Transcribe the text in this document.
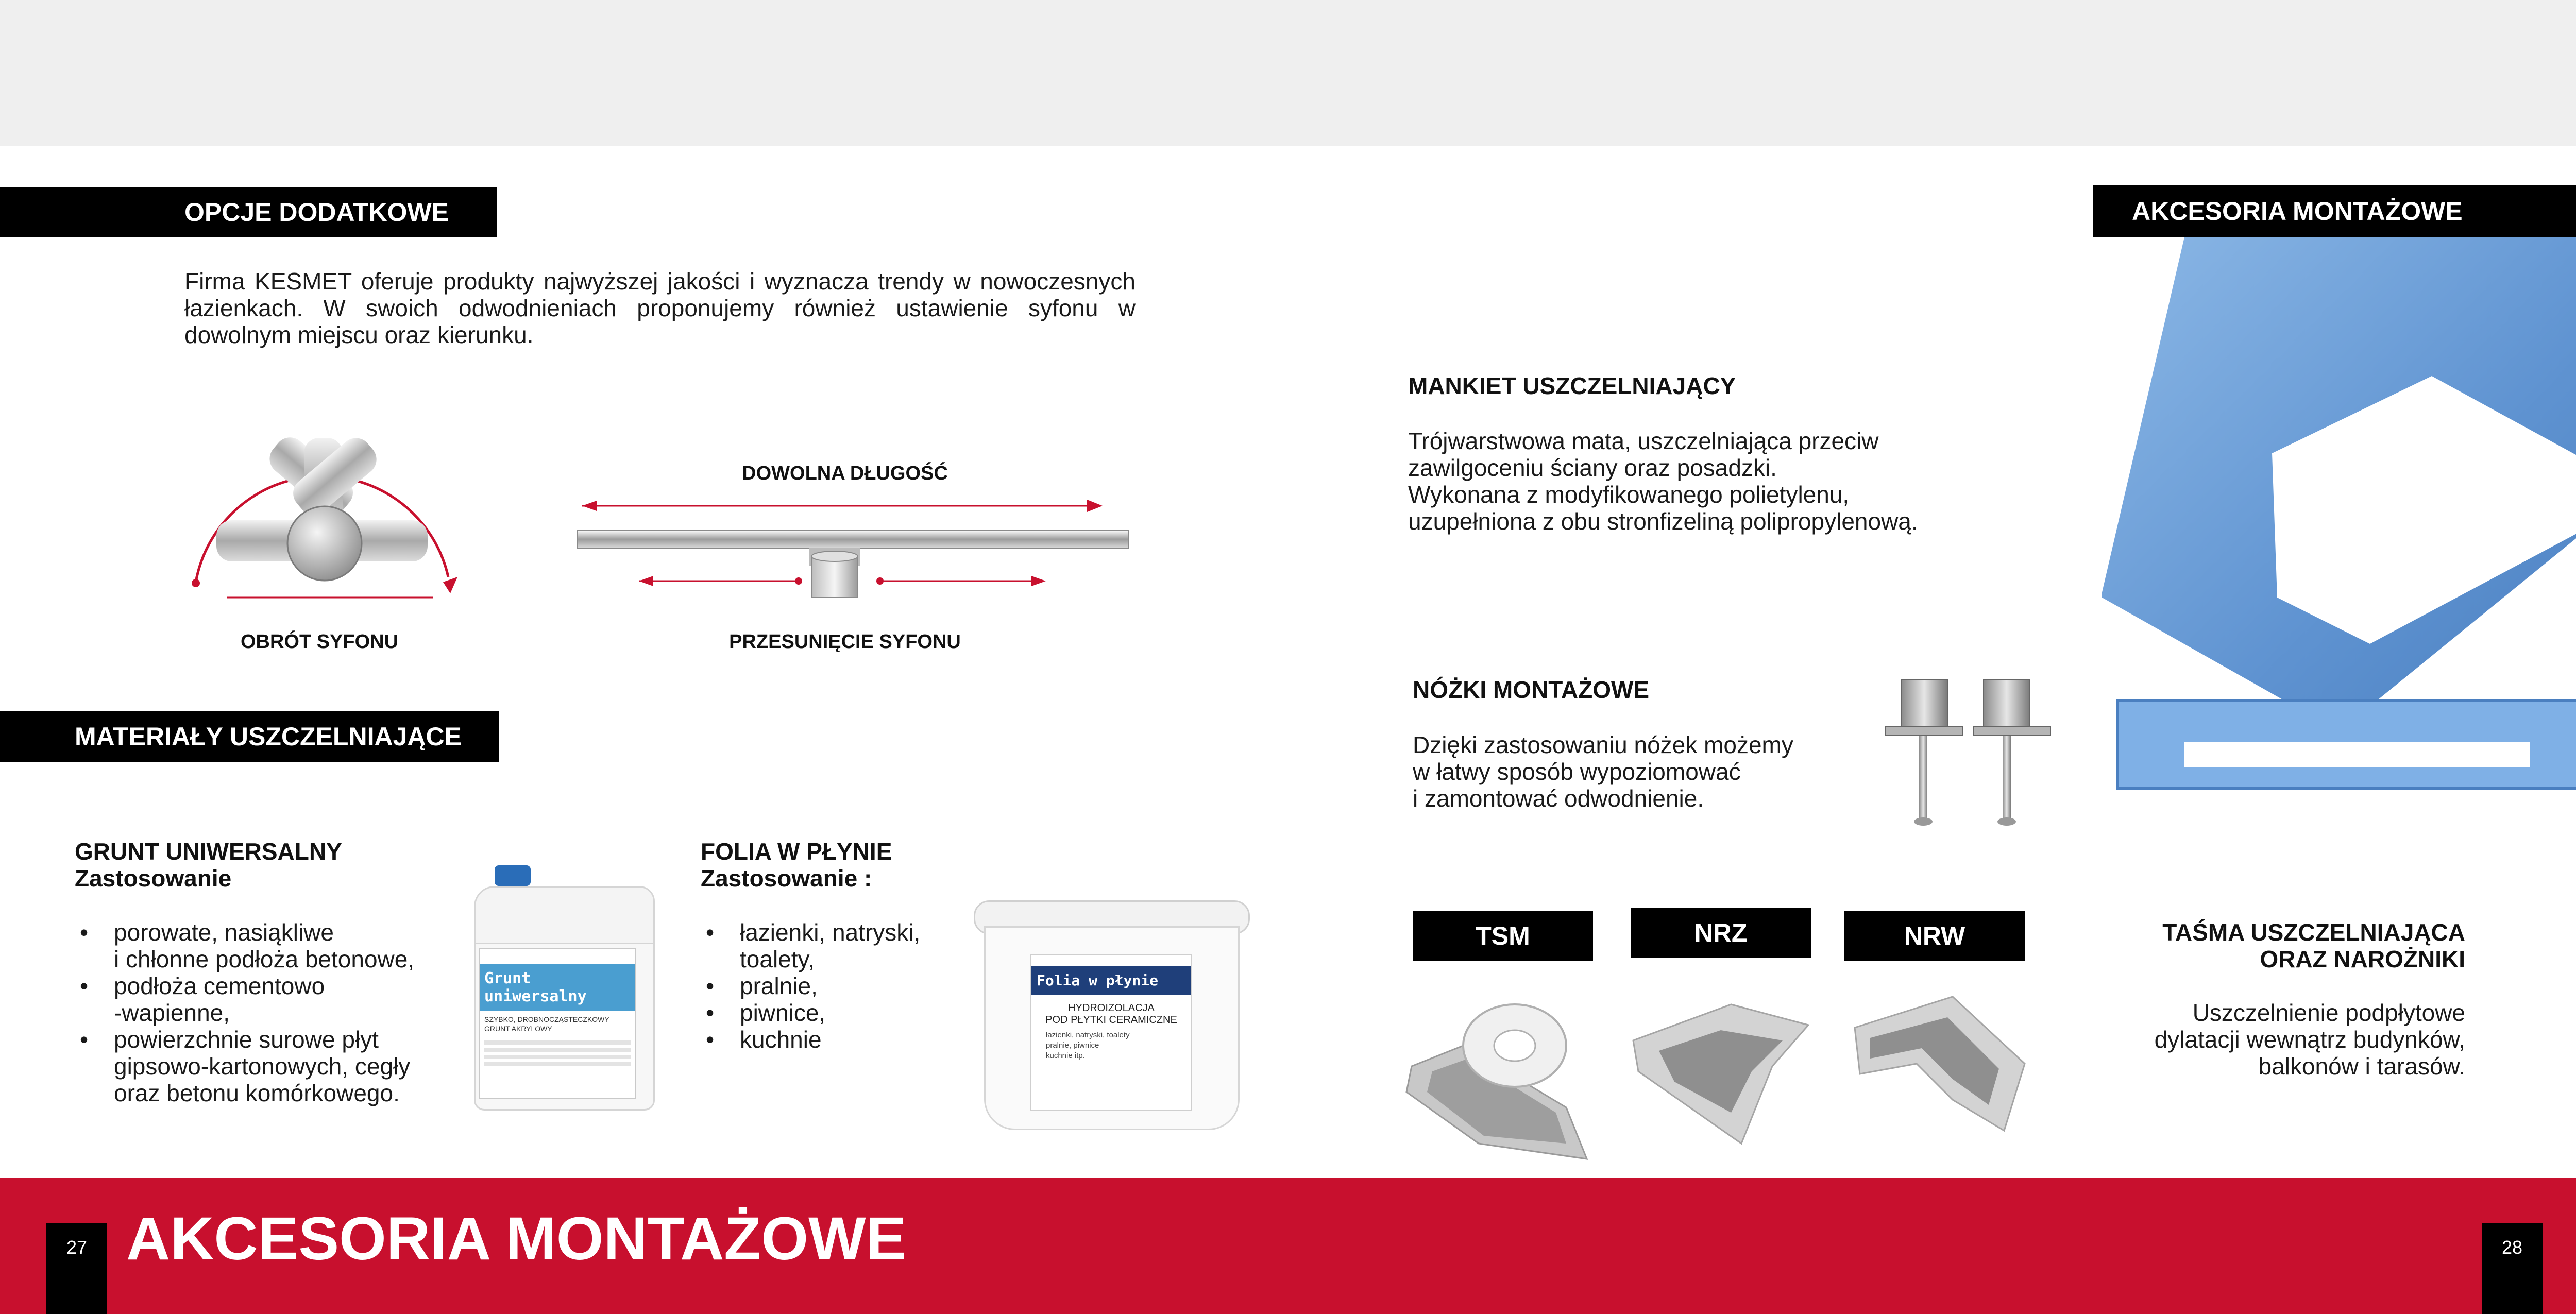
OPCJE DODATKOWE
Firma KESMET oferuje produkty najwyższej jakości i wyznacza trendy w nowoczesnych łazienkach. W swoich odwodnieniach proponujemy również ustawienie syfonu w dowolnym miejscu oraz kierunku.
OBRÓT SYFONU
DOWOLNA DŁUGOŚĆ
PRZESUNIĘCIE SYFONU
MATERIAŁY USZCZELNIAJĄCE
GRUNT UNIWERSALNY
Zastosowanie
• porowate, nasiąkliwe
i chłonne podłoża betonowe,
• podłoża cementowo
-wapienne,
• powierzchnie surowe płyt
gipsowo-kartonowych, cegły
oraz betonu komórkowego.
Grunt uniwersalny
SZYBKO, DROBNOCZĄSTECZKOWY GRUNT AKRYLOWY
FOLIA W PŁYNIE
Zastosowanie :
• łazienki, natryski,
toalety,
• pralnie,
• piwnice,
• kuchnie
Folia w płynie
HYDROIZOLACJA
POD PŁYTKI CERAMICZNE
łazienki, natryski, toalety
pralnie, piwnice
kuchnie itp.
AKCESORIA MONTAŻOWE
MANKIET USZCZELNIAJĄCY
Trójwarstwowa mata, uszczelniająca przeciw
zawilgoceniu ściany oraz posadzki.
Wykonana z modyfikowanego polietylenu,
uzupełniona z obu stronfizeliną polipropylenową.
NÓŻKI MONTAŻOWE
Dzięki zastosowaniu nóżek możemy
w łatwy sposób wypoziomować
i zamontować odwodnienie.
TSM	NRZ	NRW	TAŚMA USZCZELNIAJĄCA
ORAZ NAROŻNIKI
Uszczelnienie podpłytowe
dylatacji wewnątrz budynków,
balkonów i tarasów.
27 AKCESORIA MONTAŻOWE	28
